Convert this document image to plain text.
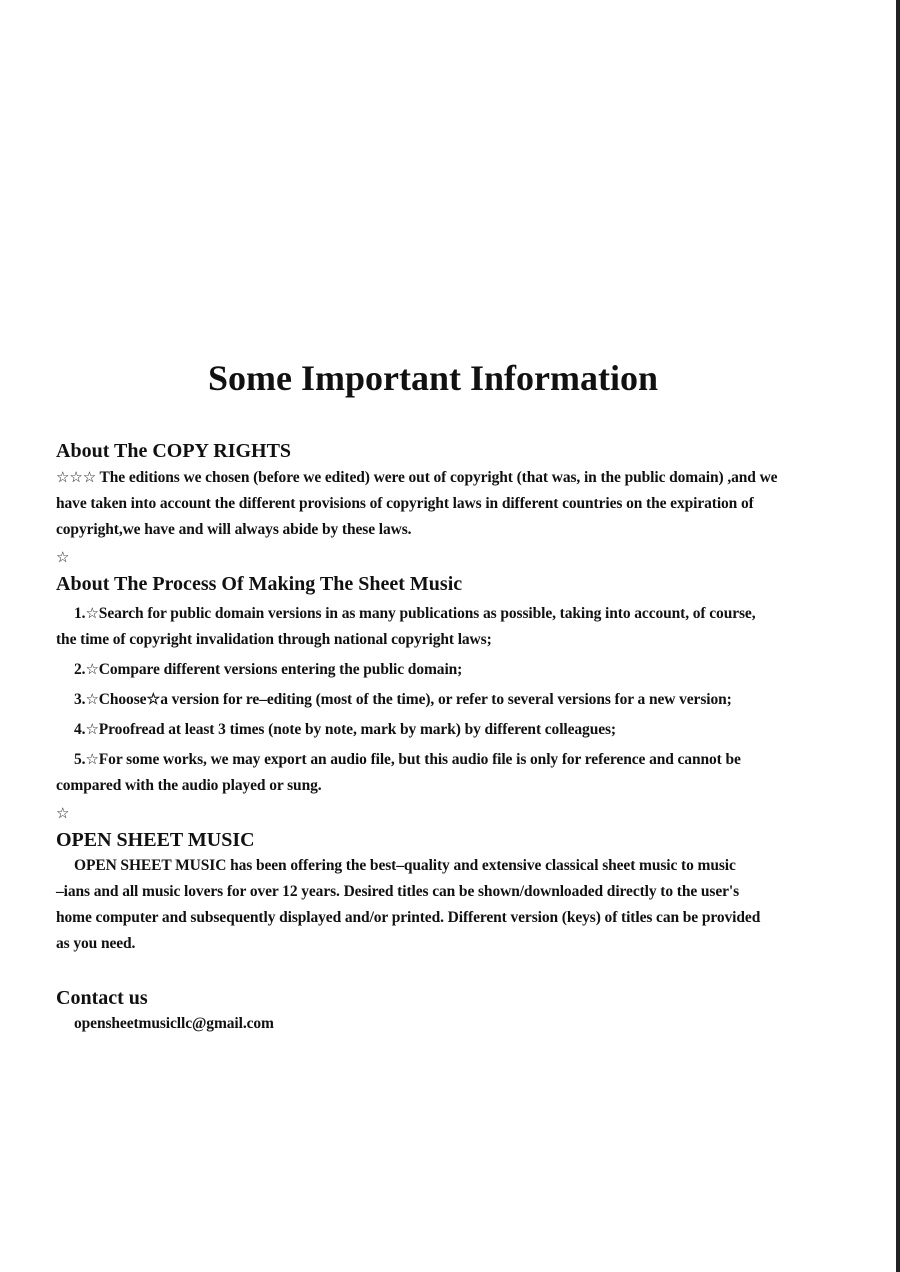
Some Important Information
About The COPY RIGHTS
☆☆☆ The editions we chosen (before we edited) were out of copyright (that was, in the public domain) ,and we
have taken into account the different provisions of copyright laws in different countries on the expiration of
copyright,we have and will always abide by these laws.
☆
About The Process Of Making The Sheet Music
1.☆Search for public domain versions in as many publications as possible, taking into account, of course,
the time of copyright invalidation through national copyright laws;
2.☆Compare different versions entering the public domain;
3.☆Choose☆a version for re–editing (most of the time), or refer to several versions for a new version;
4.☆Proofread at least 3 times (note by note, mark by mark) by different colleagues;
5.☆For some works, we may export an audio file, but this audio file is only for reference and cannot be
compared with the audio played or sung.
☆
OPEN SHEET MUSIC
OPEN SHEET MUSIC has been offering the best–quality and extensive classical sheet music to music
–ians and all music lovers for over 12 years. Desired titles can be shown/downloaded directly to the user's
home computer and subsequently displayed and/or printed. Different version (keys) of titles can be provided
as you need.
Contact us
opensheetmusicllc@gmail.com
